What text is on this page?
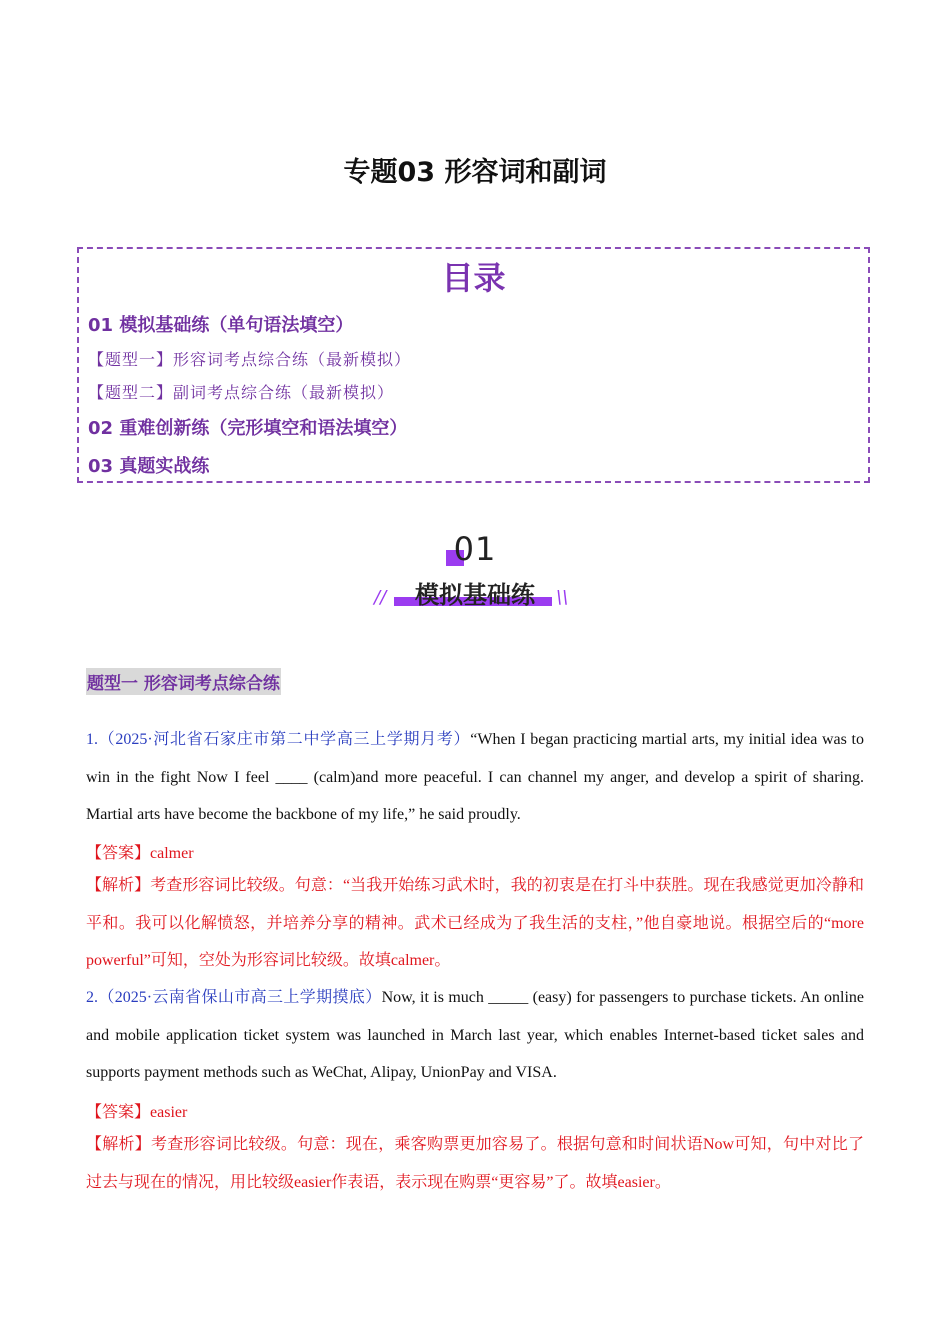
专题03 形容词和副词
目录
01 模拟基础练（单句语法填空）
【题型一】形容词考点综合练（最新模拟）
【题型二】副词考点综合练（最新模拟）
02 重难创新练（完形填空和语法填空）
03 真题实战练
01
模拟基础练
//	\\
题型一 形容词考点综合练
1.（2025·河北省石家庄市第二中学高三上学期月考）“When I began practicing martial arts, my initial idea was to win in the fight Now I feel ____ (calm)and more peaceful. I can channel my anger, and develop a spirit of sharing. Martial arts have become the backbone of my life,” he said proudly.
【答案】calmer
【解析】考查形容词比较级。句意：“当我开始练习武术时，我的初衷是在打斗中获胜。现在我感觉更加冷静和平和。我可以化解愤怒，并培养分享的精神。武术已经成为了我生活的支柱，”他自豪地说。根据空后的“more powerful”可知，空处为形容词比较级。故填calmer。
2.（2025·云南省保山市高三上学期摸底）Now, it is much _____ (easy) for passengers to purchase tickets. An online and mobile application ticket system was launched in March last year, which enables Internet-based ticket sales and supports payment methods such as WeChat, Alipay, UnionPay and VISA.
【答案】easier
【解析】考查形容词比较级。句意：现在，乘客购票更加容易了。根据句意和时间状语Now可知，句中对比了过去与现在的情况，用比较级easier作表语，表示现在购票“更容易”了。故填easier。
